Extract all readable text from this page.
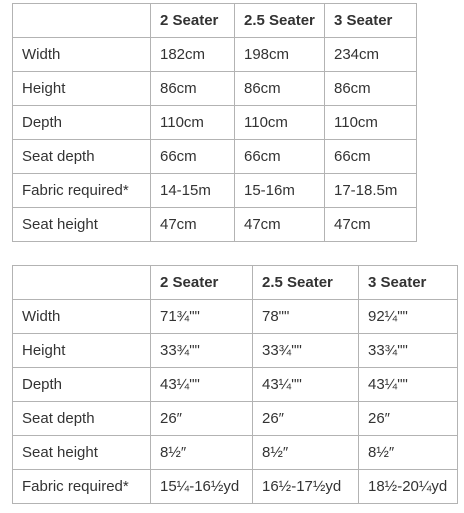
	2 Seater	2.5 Seater	3 Seater
Width	182cm	198cm	234cm
Height	86cm	86cm	86cm
Depth	110cm	110cm	110cm
Seat depth	66cm	66cm	66cm
Fabric required*	14-15m	15-16m	17-18.5m
Seat height	47cm	47cm	47cm
	2 Seater	2.5 Seater	3 Seater
Width	71¾""	78""	92¼""
Height	33¾""	33¾""	33¾""
Depth	43¼""	43¼""	43¼""
Seat depth	26″	26″	26″
Seat height	8½″	8½″	8½″
Fabric required*	15¼-16½yd	16½-17½yd	18½-20¼yd
